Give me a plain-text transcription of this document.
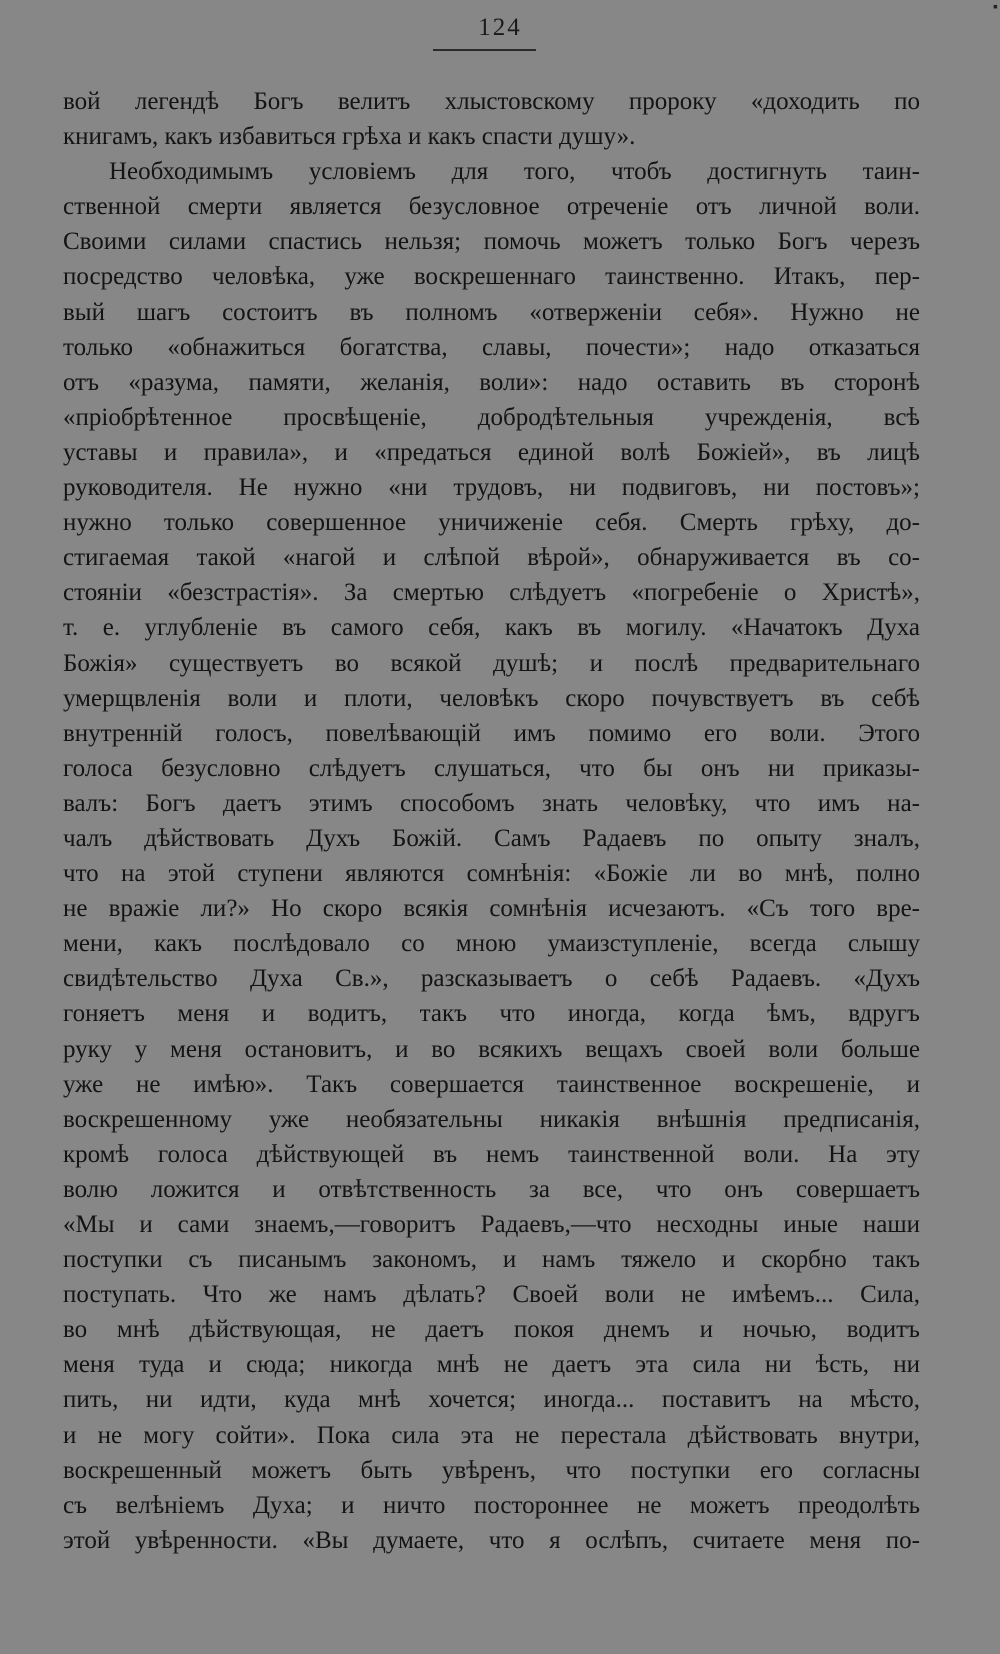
124
▪
вой легендѣ Богъ велитъ хлыстовскому пророку «доходить по
книгамъ, какъ избавиться грѣха и какъ спасти душу».
Необходимымъ условіемъ для того, чтобъ достигнуть таин-
ственной смерти является безусловное отреченіе отъ личной воли.
Своими силами спастись нельзя; помочь можетъ только Богъ черезъ
посредство человѣка, уже воскрешеннаго таинственно. Итакъ, пер-
вый шагъ состоитъ въ полномъ «отверженіи себя». Нужно не
только «обнажиться богатства, славы, почести»; надо отказаться
отъ «разума, памяти, желанія, воли»: надо оставить въ сторонѣ
«пріобрѣтенное просвѣщеніе, добродѣтельныя учрежденія, всѣ
уставы и правила», и «предаться единой волѣ Божіей», въ лицѣ
руководителя. Не нужно «ни трудовъ, ни подвиговъ, ни постовъ»;
нужно только совершенное уничиженіе себя. Смерть грѣху, до-
стигаемая такой «нагой и слѣпой вѣрой», обнаруживается въ со-
стояніи «безстрастія». За смертью слѣдуетъ «погребеніе о Христѣ»,
т. е. углубленіе въ самого себя, какъ въ могилу. «Начатокъ Духа
Божія» существуетъ во всякой душѣ; и послѣ предварительнаго
умерщвленія воли и плоти, человѣкъ скоро почувствуетъ въ себѣ
внутренній голосъ, повелѣвающій имъ помимо его воли. Этого
голоса безусловно слѣдуетъ слушаться, что бы онъ ни приказы-
валъ: Богъ даетъ этимъ способомъ знать человѣку, что имъ на-
чалъ дѣйствовать Духъ Божій. Самъ Радаевъ по опыту зналъ,
что на этой ступени являются сомнѣнія: «Божіе ли во мнѣ, полно
не вражіе ли?» Но скоро всякія сомнѣнія исчезаютъ. «Съ того вре-
мени, какъ послѣдовало со мною умаизступленіе, всегда слышу
свидѣтельство Духа Св.», разсказываетъ о себѣ Радаевъ. «Духъ
гоняетъ меня и водитъ, такъ что иногда, когда ѣмъ, вдругъ
руку у меня остановитъ, и во всякихъ вещахъ своей воли больше
уже не имѣю». Такъ совершается таинственное воскрешеніе, и
воскрешенному уже необязательны никакія внѣшнія предписанія,
кромѣ голоса дѣйствующей въ немъ таинственной воли. На эту
волю ложится и отвѣтственность за все, что онъ совершаетъ
«Мы и сами знаемъ,—говоритъ Радаевъ,—что несходны иные наши
поступки съ писанымъ закономъ, и намъ тяжело и скорбно такъ
поступать. Что же намъ дѣлать? Своей воли не имѣемъ... Сила,
во мнѣ дѣйствующая, не даетъ покоя днемъ и ночью, водитъ
меня туда и сюда; никогда мнѣ не даетъ эта сила ни ѣсть, ни
пить, ни идти, куда мнѣ хочется; иногда... поставитъ на мѣсто,
и не могу сойти». Пока сила эта не перестала дѣйствовать внутри,
воскрешенный можетъ быть увѣренъ, что поступки его согласны
съ велѣніемъ Духа; и ничто постороннее не можетъ преодолѣть
этой увѣренности. «Вы думаете, что я ослѣпъ, считаете меня по-
